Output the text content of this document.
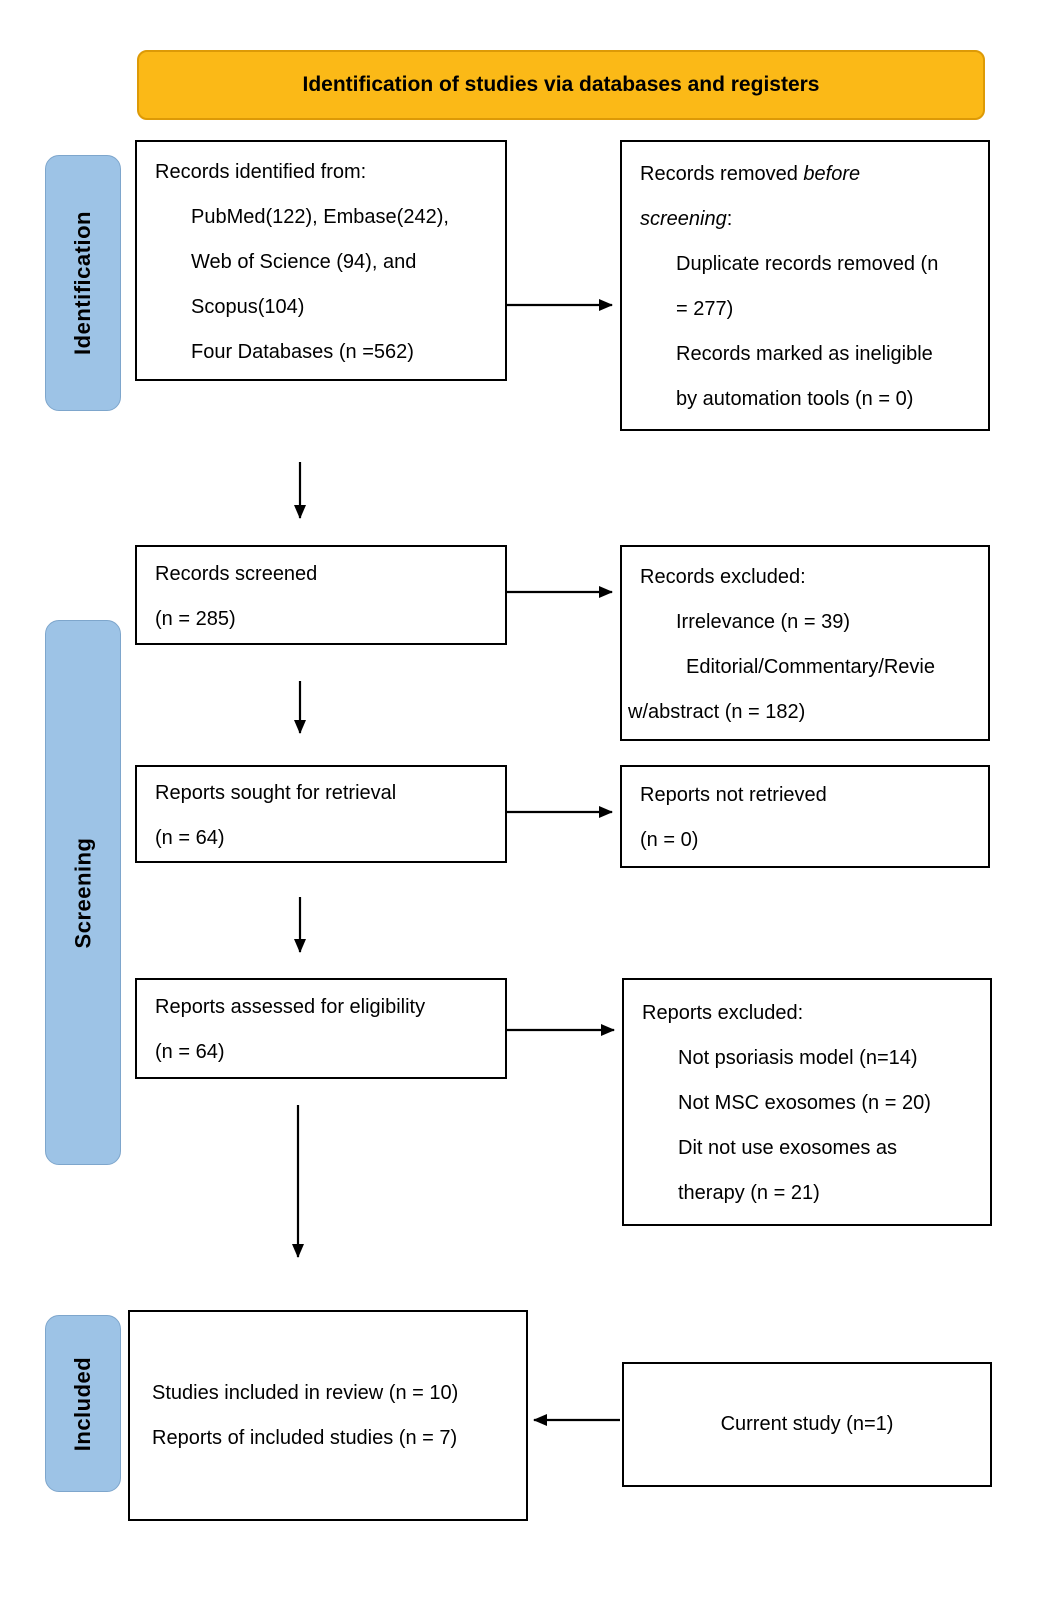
Identification of studies via databases and registers
Identification
Screening
Included
Records identified from:
PubMed(122), Embase(242),
Web of Science (94), and
Scopus(104)
Four Databases (n =562)
Records removed before
screening:
Duplicate records removed (n
= 277)
Records marked as ineligible
by automation tools (n = 0)
Records screened
(n = 285)
Records excluded:
Irrelevance (n = 39)
Editorial/Commentary/Revie
w/abstract (n = 182)
Reports sought for retrieval
(n = 64)
Reports not retrieved
(n = 0)
Reports assessed for eligibility
(n = 64)
Reports excluded:
Not psoriasis model (n=14)
Not MSC exosomes (n = 20)
Dit not use exosomes as
therapy (n = 21)
Studies included in review (n = 10)
Reports of included studies (n = 7)
Current study (n=1)
